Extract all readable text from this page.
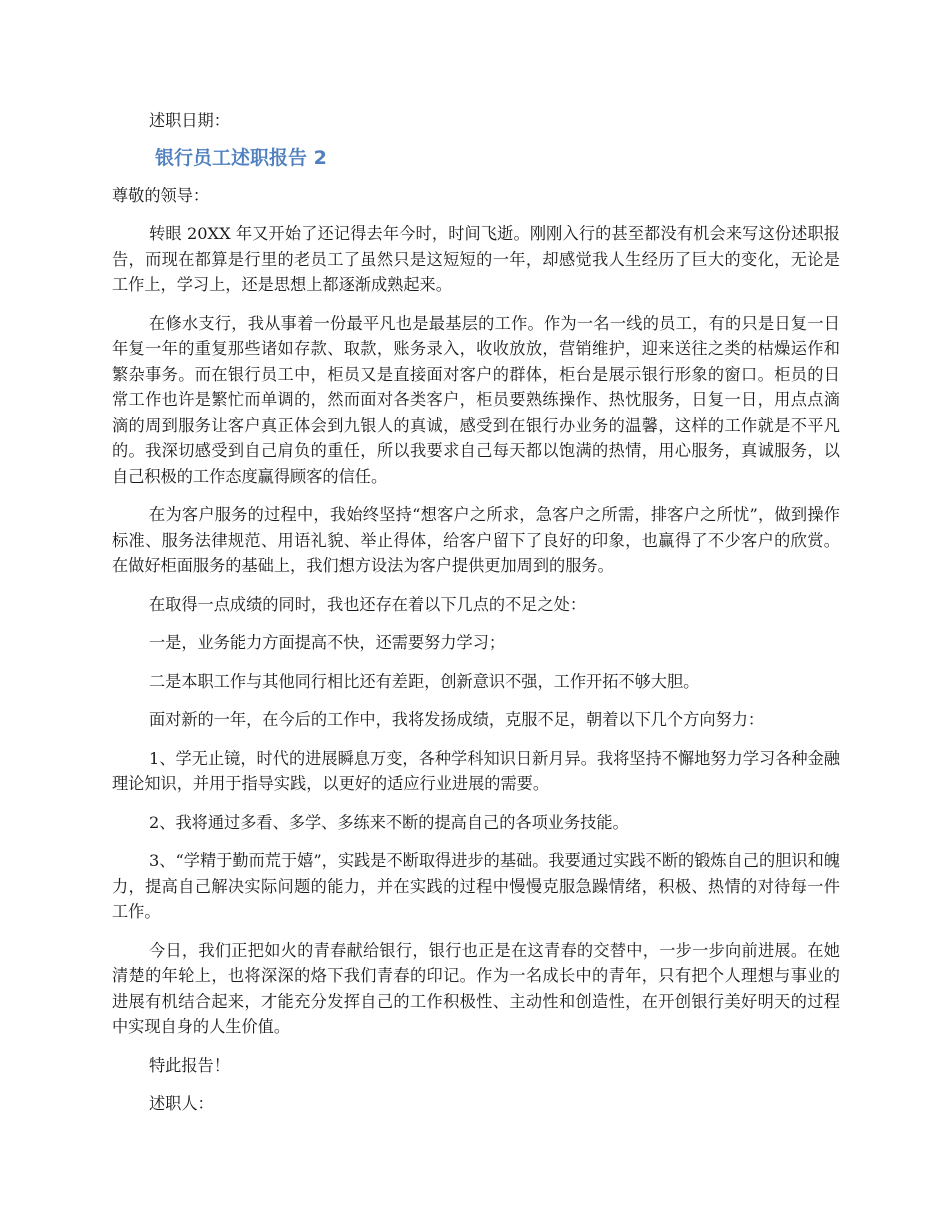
述职日期：

银行员工述职报告 2

尊敬的领导：

转眼 20XX 年又开始了还记得去年今时，时间飞逝。刚刚入行的甚至都没有机会来写这份述职报告，而现在都算是行里的老员工了虽然只是这短短的一年，却感觉我人生经历了巨大的变化，无论是工作上，学习上，还是思想上都逐渐成熟起来。

在修水支行，我从事着一份最平凡也是最基层的工作。作为一名一线的员工，有的只是日复一日年复一年的重复那些诸如存款、取款，账务录入，收收放放，营销维护，迎来送往之类的枯燥运作和繁杂事务。而在银行员工中，柜员又是直接面对客户的群体，柜台是展示银行形象的窗口。柜员的日常工作也许是繁忙而单调的，然而面对各类客户，柜员要熟练操作、热忱服务，日复一日，用点点滴滴的周到服务让客户真正体会到九银人的真诚，感受到在银行办业务的温馨，这样的工作就是不平凡的。我深切感受到自己肩负的重任，所以我要求自己每天都以饱满的热情，用心服务，真诚服务，以自己积极的工作态度赢得顾客的信任。

在为客户服务的过程中，我始终坚持“想客户之所求，急客户之所需，排客户之所忧”，做到操作标准、服务法律规范、用语礼貌、举止得体，给客户留下了良好的印象，也赢得了不少客户的欣赏。在做好柜面服务的基础上，我们想方设法为客户提供更加周到的服务。

在取得一点成绩的同时，我也还存在着以下几点的不足之处：

一是，业务能力方面提高不快，还需要努力学习；

二是本职工作与其他同行相比还有差距，创新意识不强，工作开拓不够大胆。

面对新的一年，在今后的工作中，我将发扬成绩，克服不足，朝着以下几个方向努力：

1、学无止镜，时代的进展瞬息万变，各种学科知识日新月异。我将坚持不懈地努力学习各种金融理论知识，并用于指导实践，以更好的适应行业进展的需要。

2、我将通过多看、多学、多练来不断的提高自己的各项业务技能。

3、“学精于勤而荒于嬉”，实践是不断取得进步的基础。我要通过实践不断的锻炼自己的胆识和魄力，提高自己解决实际问题的能力，并在实践的过程中慢慢克服急躁情绪，积极、热情的对待每一件工作。

今日，我们正把如火的青春献给银行，银行也正是在这青春的交替中，一步一步向前进展。在她清楚的年轮上，也将深深的烙下我们青春的印记。作为一名成长中的青年，只有把个人理想与事业的进展有机结合起来，才能充分发挥自己的工作积极性、主动性和创造性，在开创银行美好明天的过程中实现自身的人生价值。

特此报告！

述职人：
